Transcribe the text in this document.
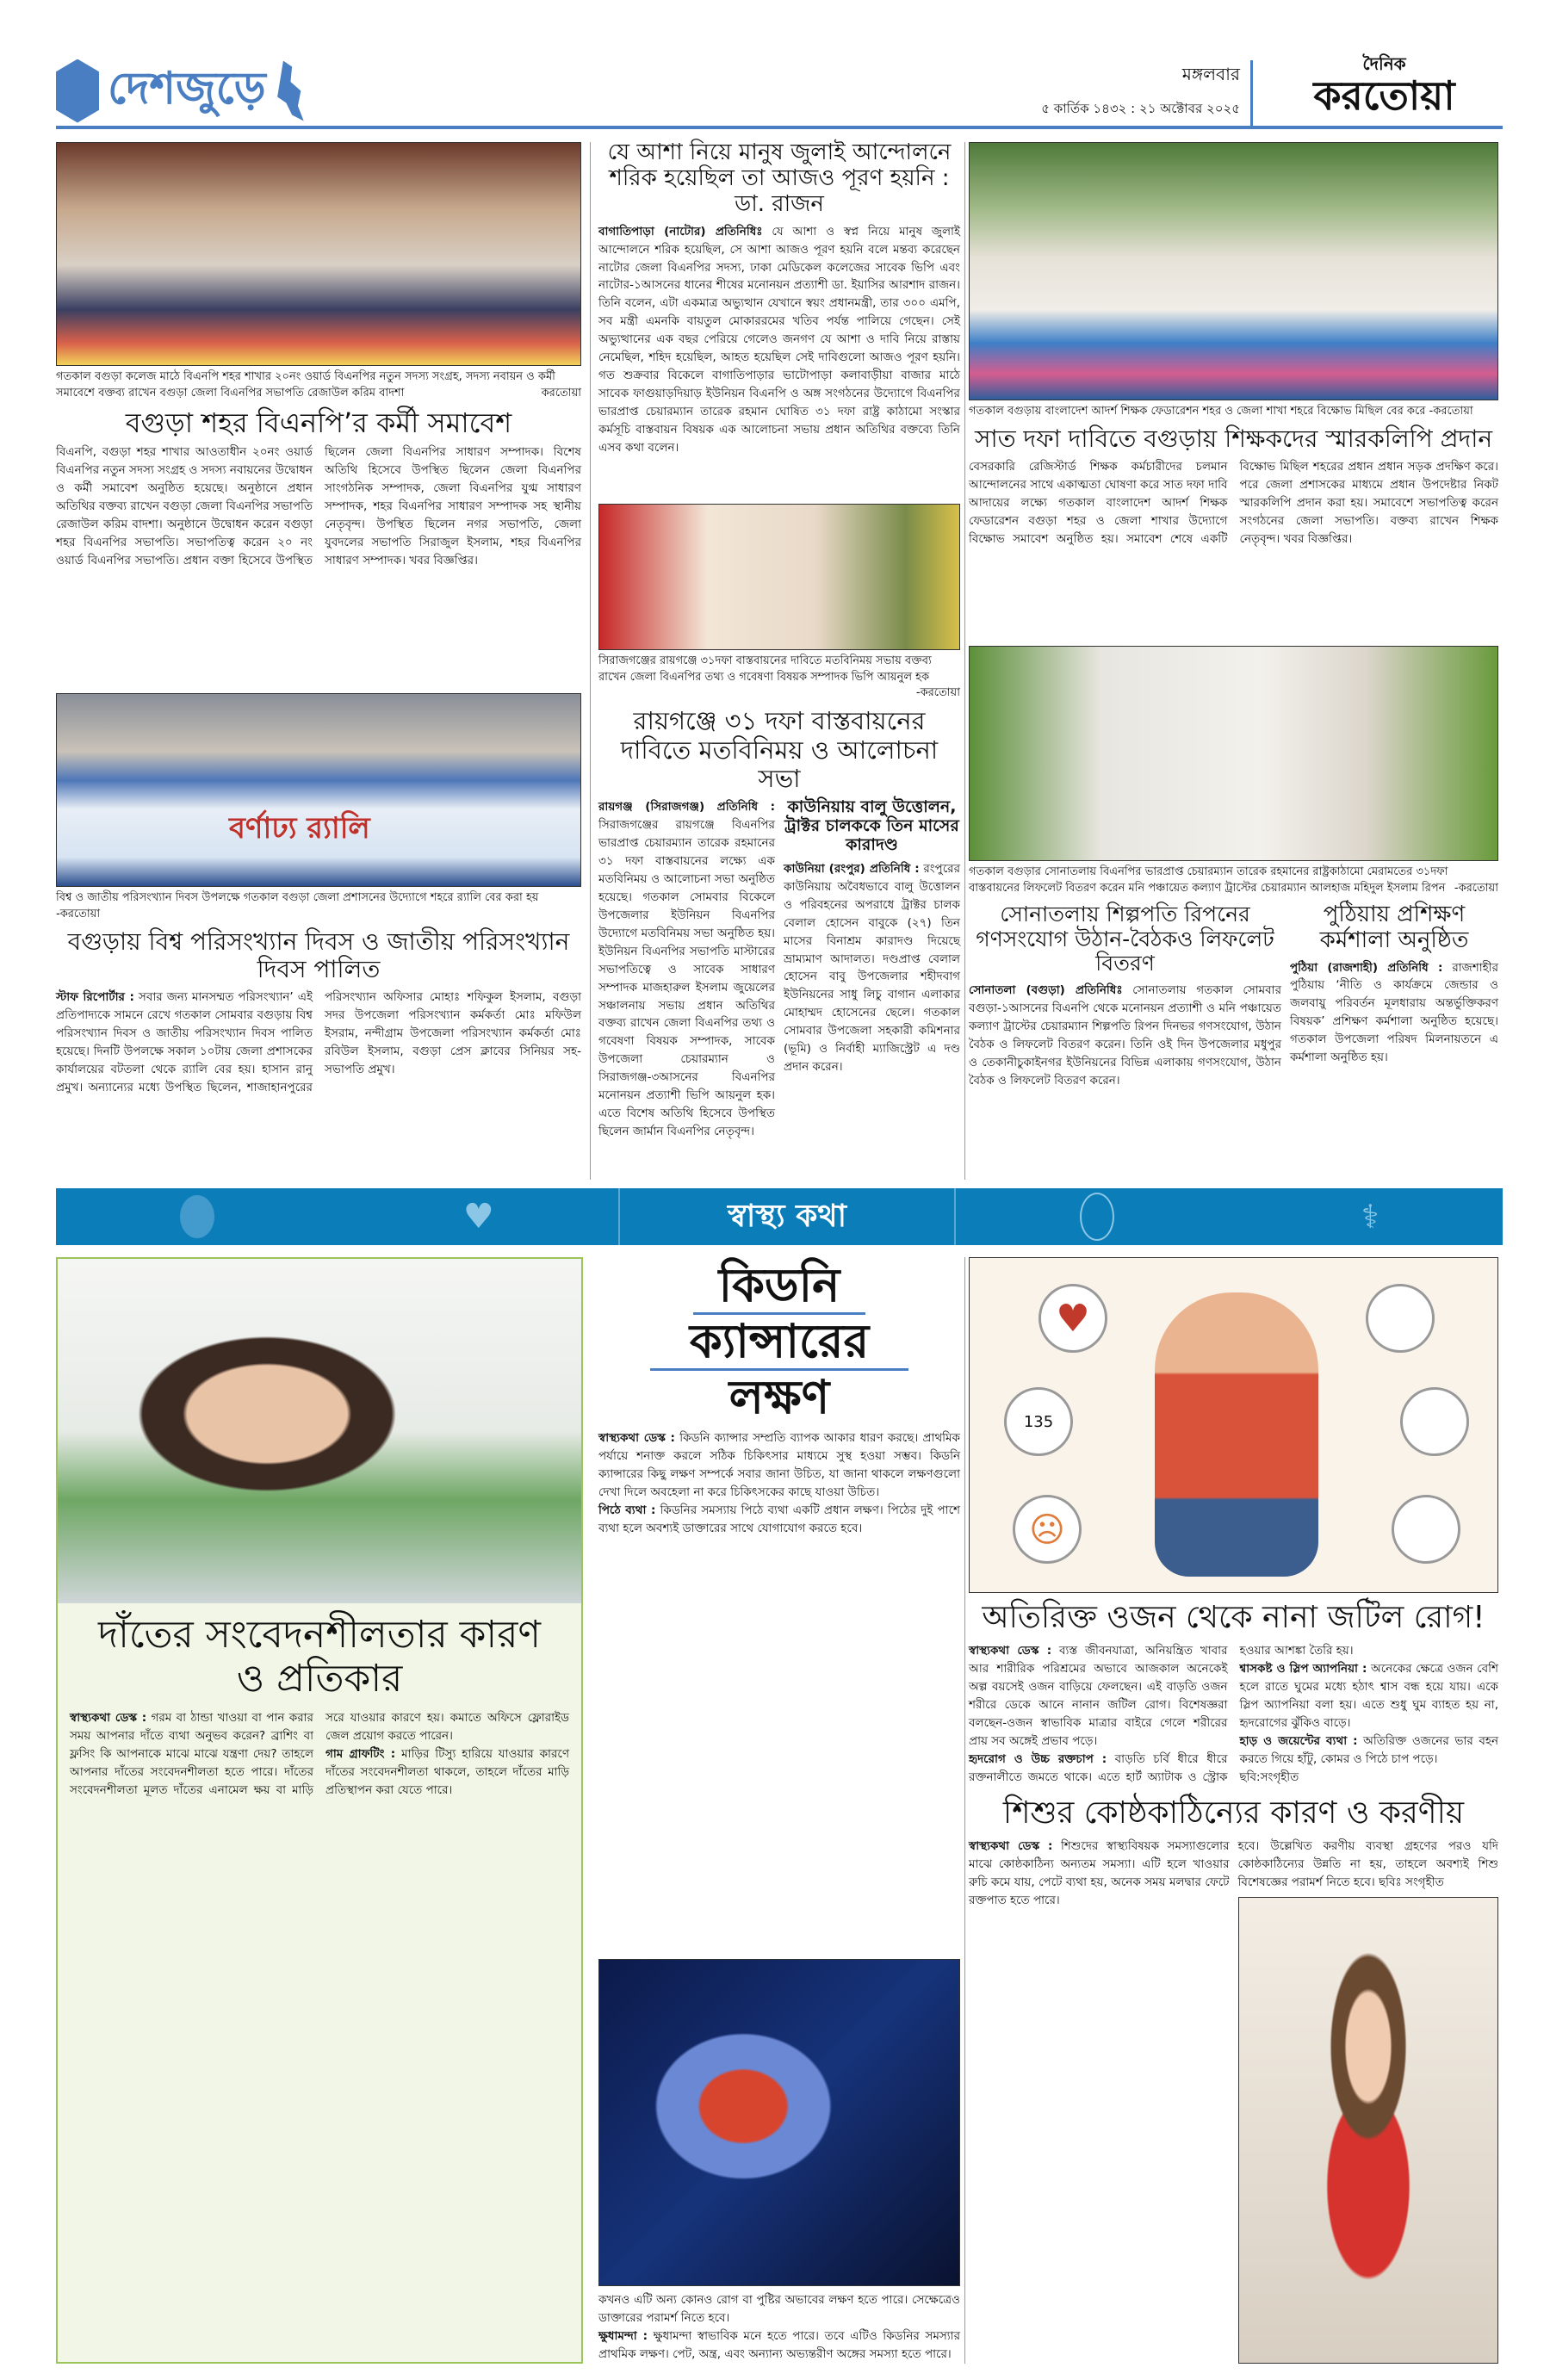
দেশজুড়ে	মঙ্গলবার
৫ কার্তিক ১৪৩২ : ২১ অক্টোবর ২০২৫
দৈনিক
করতোয়া
গতকাল বগুড়া কলেজ মাঠে বিএনপি শহর শাখার ২০নং ওয়ার্ড বিএনপির নতুন সদস্য সংগ্রহ, সদস্য নবায়ন ও কর্মী সমাবেশে বক্তব্য রাখেন বগুড়া জেলা বিএনপির সভাপতি রেজাউল করিম বাদশা	করতোয়া
বগুড়া শহর বিএনপি’র কর্মী সমাবেশ
বিএনপি, বগুড়া শহর শাখার আওতাধীন ২০নং ওয়ার্ড বিএনপির নতুন সদস্য সংগ্রহ ও সদস্য নবায়নের উদ্বোধন ও কর্মী সমাবেশ অনুষ্ঠিত হয়েছে। অনুষ্ঠানে প্রধান অতিথির বক্তব্য রাখেন বগুড়া জেলা বিএনপির সভাপতি রেজাউল করিম বাদশা। অনুষ্ঠানে উদ্বোধন করেন বগুড়া শহর বিএনপির সভাপতি। সভাপতিত্ব করেন ২০ নং ওয়ার্ড বিএনপির সভাপতি। প্রধান বক্তা হিসেবে উপস্থিত ছিলেন জেলা বিএনপির সাধারণ সম্পাদক। বিশেষ অতিথি হিসেবে উপস্থিত ছিলেন জেলা বিএনপির সাংগঠনিক সম্পাদক, জেলা বিএনপির যুগ্ম সাধারণ সম্পাদক, শহর বিএনপির সাধারণ সম্পাদক সহ স্থানীয় নেতৃবৃন্দ। উপস্থিত ছিলেন নগর সভাপতি, জেলা যুবদলের সভাপতি সিরাজুল ইসলাম, শহর বিএনপির সাধারণ সম্পাদক। খবর বিজ্ঞপ্তির।
বর্ণাঢ্য র‌্যালি
বিশ্ব ও জাতীয় পরিসংখ্যান দিবস উপলক্ষে গতকাল বগুড়া জেলা প্রশাসনের উদ্যোগে শহরে র‌্যালি বের করা হয় -করতোয়া
বগুড়ায় বিশ্ব পরিসংখ্যান দিবস ও জাতীয় পরিসংখ্যান দিবস পালিত
স্টাফ রিপোর্টার : সবার জন্য মানসম্মত পরিসংখ্যান’ এই প্রতিপাদ্যকে সামনে রেখে গতকাল সোমবার বগুড়ায় বিশ্ব পরিসংখ্যান দিবস ও জাতীয় পরিসংখ্যান দিবস পালিত হয়েছে। দিনটি উপলক্ষে সকাল ১০টায় জেলা প্রশাসকের কার্যালয়ের বটতলা থেকে র‌্যালি বের হয়। হাসান রানু প্রমুখ। অন্যান্যের মধ্যে উপস্থিত ছিলেন, শাজাহানপুরের পরিসংখ্যান অফিসার মোহাঃ শফিকুল ইসলাম, বগুড়া সদর উপজেলা পরিসংখ্যান কর্মকর্তা মোঃ মফিউল ইসরাম, নন্দীগ্রাম উপজেলা পরিসংখ্যান কর্মকর্তা মোঃ রবিউল ইসলাম, বগুড়া প্রেস ক্লাবের সিনিয়র সহ-সভাপতি প্রমুখ।
যে আশা নিয়ে মানুষ জুলাই আন্দোলনে শরিক হয়েছিল তা আজও পূরণ হয়নি : ডা. রাজন
বাগাতিপাড়া (নাটোর) প্রতিনিধিঃ যে আশা ও স্বপ্ন নিয়ে মানুষ জুলাই আন্দোলনে শরিক হয়েছিল, সে আশা আজও পূরণ হয়নি বলে মন্তব্য করেছেন নাটোর জেলা বিএনপির সদস্য, ঢাকা মেডিকেল কলেজের সাবেক ভিপি এবং নাটোর-১আসনের ধানের শীষের মনোনয়ন প্রত্যাশী ডা. ইয়াসির আরশাদ রাজন। তিনি বলেন, এটা একমাত্র অভ্যুত্থান যেখানে স্বয়ং প্রধানমন্ত্রী, তার ৩০০ এমপি, সব মন্ত্রী এমনকি বায়তুল মোকাররমের খতিব পর্যন্ত পালিয়ে গেছেন। সেই অভ্যুত্থানের এক বছর পেরিয়ে গেলেও জনগণ যে আশা ও দাবি নিয়ে রাস্তায় নেমেছিল, শহিদ হয়েছিল, আহত হয়েছিল সেই দাবিগুলো আজও পূরণ হয়নি। গত শুক্রবার বিকেলে বাগাতিপাড়ার ভাটোপাড়া কলাবাড়ীয়া বাজার মাঠে সাবেক ফাগুয়াড়দিয়াড় ইউনিয়ন বিএনপি ও অঙ্গ সংগঠনের উদ্যোগে বিএনপির ভারপ্রাপ্ত চেয়ারম্যান তারেক রহমান ঘোষিত ৩১ দফা রাষ্ট্র কাঠামো সংস্কার কর্মসূচি বাস্তবায়ন বিষয়ক এক আলোচনা সভায় প্রধান অতিথির বক্তব্যে তিনি এসব কথা বলেন।
সিরাজগঞ্জের রায়গঞ্জে ৩১দফা বাস্তবায়নের দাবিতে মতবিনিময় সভায় বক্তব্য রাখেন জেলা বিএনপির তথ্য ও গবেষণা বিষয়ক সম্পাদক ভিপি আয়নুল হক
-করতোয়া
রায়গঞ্জে ৩১ দফা বাস্তবায়নের দাবিতে মতবিনিময় ও আলোচনা সভা
রায়গঞ্জ (সিরাজগঞ্জ) প্রতিনিধি : সিরাজগঞ্জের রায়গঞ্জে বিএনপির ভারপ্রাপ্ত চেয়ারম্যান তারেক রহমানের ৩১ দফা বাস্তবায়নের লক্ষ্যে এক মতবিনিময় ও আলোচনা সভা অনুষ্ঠিত হয়েছে। গতকাল সোমবার বিকেলে উপজেলার ইউনিয়ন বিএনপির উদ্যোগে মতবিনিময় সভা অনুষ্ঠিত হয়। ইউনিয়ন বিএনপির সভাপতি মাস্টারের সভাপতিত্বে ও সাবেক সাধারণ সম্পাদক মাজহারুল ইসলাম জুয়েলের সঞ্চালনায় সভায় প্রধান অতিথির বক্তব্য রাখেন জেলা বিএনপির তথ্য ও গবেষণা বিষয়ক সম্পাদক, সাবেক উপজেলা চেয়ারম্যান ও সিরাজগঞ্জ-৩আসনের বিএনপির মনোনয়ন প্রত্যাশী ভিপি আয়নুল হক। এতে বিশেষ অতিথি হিসেবে উপস্থিত ছিলেন জার্মান বিএনপির নেতৃবৃন্দ।
কাউনিয়ায় বালু উত্তোলন, ট্রাক্টর চালককে তিন মাসের কারাদণ্ড
কাউনিয়া (রংপুর) প্রতিনিধি : রংপুরের কাউনিয়ায় অবৈধভাবে বালু উত্তোলন ও পরিবহনের অপরাধে ট্রাক্টর চালক বেলাল হোসেন বাবুকে (২৭) তিন মাসের বিনাশ্রম কারাদণ্ড দিয়েছে ভ্রাম্যমাণ আদালত। দণ্ডপ্রাপ্ত বেলাল হোসেন বাবু উপজেলার শহীদবাগ ইউনিয়নের সাধু লিচু বাগান এলাকার মোহাম্মদ হোসেনের ছেলে। গতকাল সোমবার উপজেলা সহকারী কমিশনার (ভূমি) ও নির্বাহী ম্যাজিস্ট্রেট এ দণ্ড প্রদান করেন।
গতকাল বগুড়ায় বাংলাদেশ আদর্শ শিক্ষক ফেডারেশন শহর ও জেলা শাখা শহরে বিক্ষোভ মিছিল বের করে -করতোয়া
সাত দফা দাবিতে বগুড়ায় শিক্ষকদের স্মারকলিপি প্রদান
বেসরকারি রেজিস্টার্ড শিক্ষক কর্মচারীদের চলমান আন্দোলনের সাথে একাত্মতা ঘোষণা করে সাত দফা দাবি আদায়ের লক্ষ্যে গতকাল বাংলাদেশ আদর্শ শিক্ষক ফেডারেশন বগুড়া শহর ও জেলা শাখার উদ্যোগে বিক্ষোভ সমাবেশ অনুষ্ঠিত হয়। সমাবেশ শেষে একটি বিক্ষোভ মিছিল শহরের প্রধান প্রধান সড়ক প্রদক্ষিণ করে। পরে জেলা প্রশাসকের মাধ্যমে প্রধান উপদেষ্টার নিকট স্মারকলিপি প্রদান করা হয়। সমাবেশে সভাপতিত্ব করেন সংগঠনের জেলা সভাপতি। বক্তব্য রাখেন শিক্ষক নেতৃবৃন্দ। খবর বিজ্ঞপ্তির।
গতকাল বগুড়ার সোনাতলায় বিএনপির ভারপ্রাপ্ত চেয়ারম্যান তারেক রহমানের রাষ্ট্রকাঠামো মেরামতের ৩১দফা বাস্তবায়নের লিফলেট বিতরণ করেন মনি পঞ্চায়েত কল্যাণ ট্রাস্টের চেয়ারম্যান আলহাজ মহিদুল ইসলাম রিপন -করতোয়া
সোনাতলায় শিল্পপতি রিপনের গণসংযোগ উঠান-বৈঠকও লিফলেট বিতরণ
সোনাতলা (বগুড়া) প্রতিনিধিঃ সোনাতলায় গতকাল সোমবার বগুড়া-১আসনের বিএনপি থেকে মনোনয়ন প্রত্যাশী ও মনি পঞ্চায়েত কল্যাণ ট্রাস্টের চেয়ারম্যান শিল্পপতি রিপন দিনভর গণসংযোগ, উঠান বৈঠক ও লিফলেট বিতরণ করেন। তিনি ওই দিন উপজেলার মধুপুর ও তেকানীচুকাইনগর ইউনিয়নের বিভিন্ন এলাকায় গণসংযোগ, উঠান বৈঠক ও লিফলেট বিতরণ করেন।
পুঠিয়ায় প্রশিক্ষণ কর্মশালা অনুষ্ঠিত
পুঠিয়া (রাজশাহী) প্রতিনিধি : রাজশাহীর পুঠিয়ায় ‘নীতি ও কার্যক্রমে জেন্ডার ও জলবায়ু পরিবর্তন মূলধারায় অন্তর্ভুক্তিকরণ বিষয়ক’ প্রশিক্ষণ কর্মশালা অনুষ্ঠিত হয়েছে। গতকাল উপজেলা পরিষদ মিলনায়তনে এ কর্মশালা অনুষ্ঠিত হয়।
♥	স্বাস্থ্য কথা	⚕
দাঁতের সংবেদনশীলতার কারণ ও প্রতিকার
স্বাস্থ্যকথা ডেস্ক : গরম বা ঠান্ডা খাওয়া বা পান করার সময় আপনার দাঁতে ব্যথা অনুভব করেন? ব্রাশিং বা ফ্লসিং কি আপনাকে মাঝে মাঝে যন্ত্রণা দেয়? তাহলে আপনার দাঁতের সংবেদনশীলতা হতে পারে। দাঁতের সংবেদনশীলতা মূলত দাঁতের এনামেল ক্ষয় বা মাড়ি সরে যাওয়ার কারণে হয়। কমাতে অফিসে ফ্লোরাইড জেল প্রয়োগ করতে পারেন।
গাম গ্রাফটিং : মাড়ির টিস্যু হারিয়ে যাওয়ার কারণে দাঁতের সংবেদনশীলতা থাকলে, তাহলে দাঁতের মাড়ি প্রতিস্থাপন করা যেতে পারে।
কিডনি
ক্যান্সারের
লক্ষণ
স্বাস্থ্যকথা ডেস্ক : কিডনি ক্যান্সার সম্প্রতি ব্যাপক আকার ধারণ করছে। প্রাথমিক পর্যায়ে শনাক্ত করলে সঠিক চিকিৎসার মাধ্যমে সুস্থ হওয়া সম্ভব। কিডনি ক্যান্সারের কিছু লক্ষণ সম্পর্কে সবার জানা উচিত, যা জানা থাকলে লক্ষণগুলো দেখা দিলে অবহেলা না করে চিকিৎসকের কাছে যাওয়া উচিত।
পিঠে ব্যথা : কিডনির সমস্যায় পিঠে ব্যথা একটি প্রধান লক্ষণ। পিঠের দুই পাশে ব্যথা হলে অবশ্যই ডাক্তারের সাথে যোগাযোগ করতে হবে।
কখনও এটি অন্য কোনও রোগ বা পুষ্টির অভাবের লক্ষণ হতে পারে। সেক্ষেত্রেও ডাক্তারের পরামর্শ নিতে হবে।
ক্ষুধামন্দা : ক্ষুধামন্দা স্বাভাবিক মনে হতে পারে। তবে এটিও কিডনির সমস্যার প্রাথমিক লক্ষণ। পেট, অন্ত্র, এবং অন্যান্য অভ্যন্তরীণ অঙ্গের সমস্যা হতে পারে।
♥
135
☹
অতিরিক্ত ওজন থেকে নানা জটিল রোগ!
স্বাস্থ্যকথা ডেস্ক : ব্যস্ত জীবনযাত্রা, অনিয়ন্ত্রিত খাবার আর শারীরিক পরিশ্রমের অভাবে আজকাল অনেকেই অল্প বয়সেই ওজন বাড়িয়ে ফেলছেন। এই বাড়তি ওজন শরীরে ডেকে আনে নানান জটিল রোগ। বিশেষজ্ঞরা বলছেন-ওজন স্বাভাবিক মাত্রার বাইরে গেলে শরীরের প্রায় সব অঙ্গেই প্রভাব পড়ে।
হৃদরোগ ও উচ্চ রক্তচাপ : বাড়তি চর্বি ধীরে ধীরে রক্তনালীতে জমতে থাকে। এতে হার্ট অ্যাটাক ও স্ট্রোক হওয়ার আশঙ্কা তৈরি হয়।
শ্বাসকষ্ট ও স্লিপ অ্যাপনিয়া : অনেকের ক্ষেত্রে ওজন বেশি হলে রাতে ঘুমের মধ্যে হঠাৎ শ্বাস বন্ধ হয়ে যায়। একে স্লিপ অ্যাপনিয়া বলা হয়। এতে শুধু ঘুম ব্যাহত হয় না, হৃদরোগের ঝুঁকিও বাড়ে।
হাড় ও জয়েন্টের ব্যথা : অতিরিক্ত ওজনের ভার বহন করতে গিয়ে হাঁটু, কোমর ও পিঠে চাপ পড়ে।
ছবি:সংগৃহীত
শিশুর কোষ্ঠকাঠিন্যের কারণ ও করণীয়
স্বাস্থ্যকথা ডেস্ক : শিশুদের স্বাস্থ্যবিষয়ক সমস্যাগুলোর মাঝে কোষ্ঠকাঠিন্য অন্যতম সমস্যা। এটি হলে খাওয়ার রুচি কমে যায়, পেটে ব্যথা হয়, অনেক সময় মলদ্বার ফেটে রক্তপাত হতে পারে।
হবে। উল্লেখিত করণীয় ব্যবস্থা গ্রহণের পরও যদি কোষ্ঠকাঠিন্যের উন্নতি না হয়, তাহলে অবশ্যই শিশু বিশেষজ্ঞের পরামর্শ নিতে হবে। ছবিঃ সংগৃহীত
